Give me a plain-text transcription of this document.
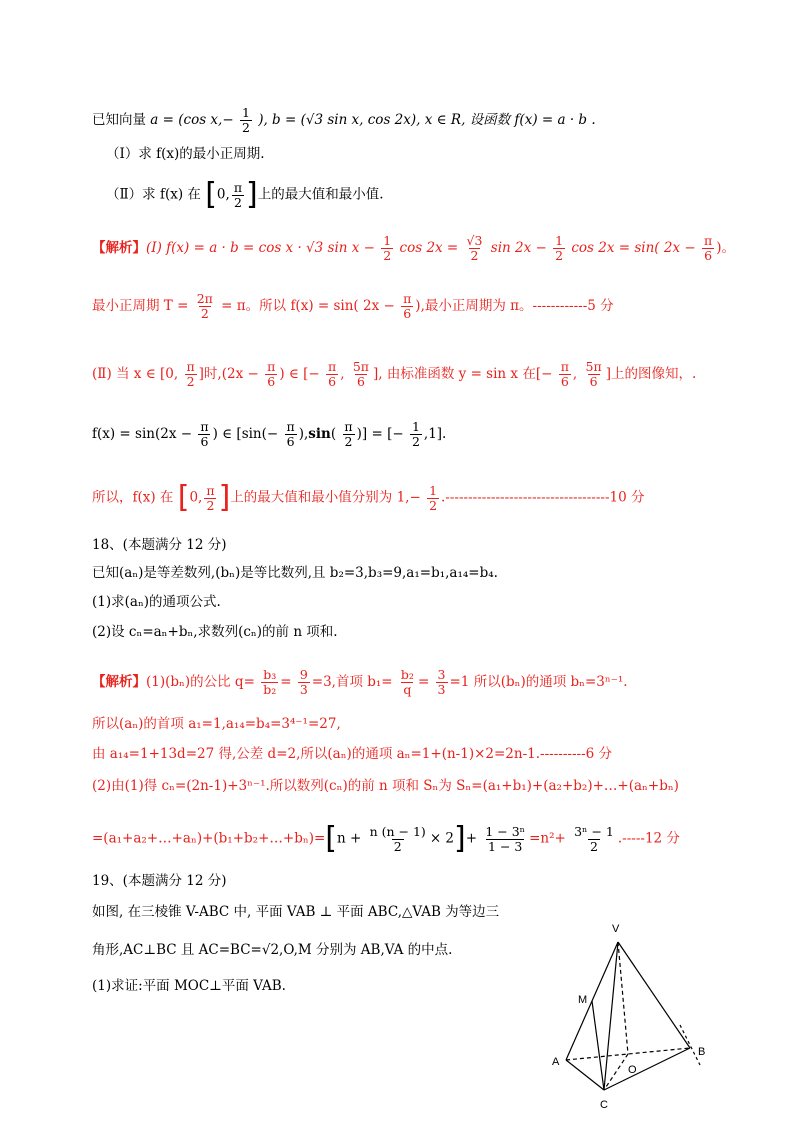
已知向量 a = (cos $x,- \frac{1}{2}$ ), b = (√3 sin x, cos 2x), x ∈ R, 设函数 f(x) = a · b .
（Ⅰ）求 f(x)的最小正周期.
（Ⅱ）求 f(x) 在 [0, $\frac{\pi}{2}$ ]上的最大值和最小值.
【解析】(Ⅰ) f(x) = a · b = cos x · √3 $\sin x - \frac{1}{2}$ $\cos 2x = \frac{√3}{2}$ $\sin 2x - \frac{1}{2}$ cos 2x = sin( $2x - \frac{\pi}{6}$ )。
最小正周期 $T = \frac{2\pi}{2} = \pi$。所以 f(x) = sin( $2x - \frac{\pi}{6}$ ),最小正周期为 π。------------5 分
(Ⅱ) 当 x ∈ [0, $\frac{\pi}{2}$ ]时$,(2x - \frac{\pi}{6}$ ) ∈ [− $\frac{\pi}{6}$ , $\frac{5\pi}{6}$ ], 由标准函数 y = sin x 在[− $\frac{\pi}{6}$ , $\frac{5\pi}{6}$ ]上的图像知，.
$f(x) = \sin(2x - \frac{\pi}{6}$ ) ∈ [$\sin(- \frac{\pi}{6} ),\sin( \frac{\pi}{2}$ )] = [− $\frac{1}{2} ,1$].
所以，f(x) 在 [0, $\frac{\pi}{2}$ ]上的最大值和最小值分别为 $1,- \frac{1}{2} .------------------------------------10$ 分
18、(本题满分 12 分)
已知(aₙ)是等差数列,(bₙ)是等比数列,且 b₂=3,b₃=9,a₁=b₁,a₁₄=b₄.
(1)求(aₙ)的通项公式.
(2)设 cₙ=aₙ+bₙ,求数列(cₙ)的前 n 项和.
【解析】(1)(bₙ)的公比 $q= \frac{\text{b₃}}{\text{b₂}} = \frac{9}{3} =3$,首项 $b_1= \frac{\text{b₂}}{q} = \frac{3}{3} =1$ 所以(bₙ)的通项 bₙ=3ⁿ⁻¹.
所以(aₙ)的首项 a₁=1,a₁₄=b₄=3⁴⁻¹=27,
由 a₁₄=1+13d=27 得,公差 d=2,所以(aₙ)的通项 aₙ=1+(n-1)×2=2n-1.----------6 分
(2)由(1)得 cₙ=(2n-1)+3ⁿ⁻¹.所以数列(cₙ)的前 n 项和 Sₙ为 Sₙ=(a₁+b₁)+(a₂+b₂)+…+(aₙ+bₙ)
=(a₁+a₂+…+aₙ)+(b₁+b₂+…+bₙ)=[n + $\frac{n (n - 1)}{2} \times 2]+ \frac{\text{1 − 3ⁿ}}{1 - 3} =n^2+ \frac{\text{3ⁿ − 1}}{2} .-----12$ 分
19、(本题满分 12 分)
如图, 在三棱锥 V-ABC 中, 平面 VAB ⊥ 平面 ABC,△VAB 为等边三
角形,AC⊥BC 且 AC=BC=√2,O,M 分别为 AB,VA 的中点.
(1)求证:平面 MOC⊥平面 VAB.
V
M
A
O
B
C
